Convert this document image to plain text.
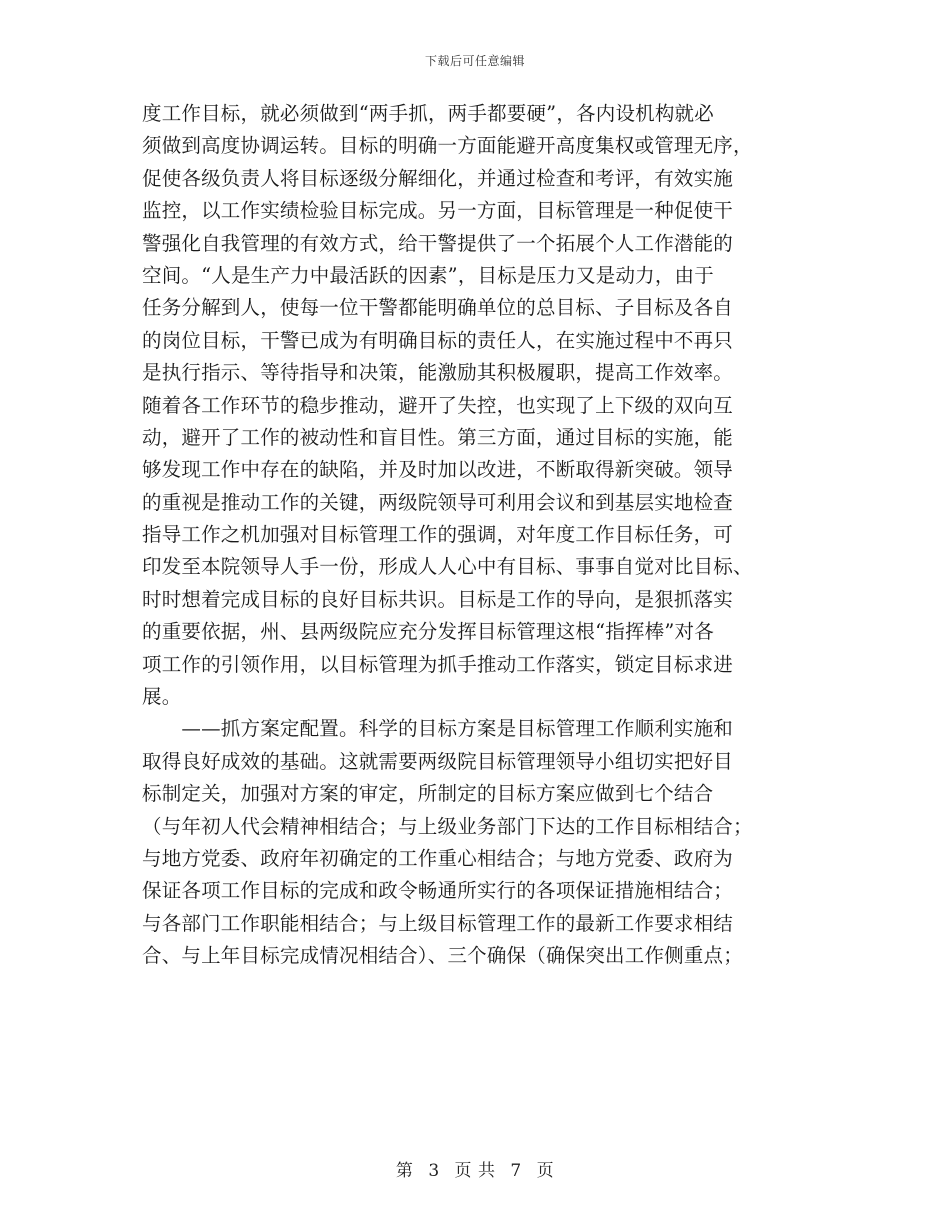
下载后可任意编辑
度工作目标，就必须做到“两手抓，两手都要硬”，各内设机构就必
须做到高度协调运转。目标的明确一方面能避开高度集权或管理无序，
促使各级负责人将目标逐级分解细化，并通过检查和考评，有效实施
监控，以工作实绩检验目标完成。另一方面，目标管理是一种促使干
警强化自我管理的有效方式，给干警提供了一个拓展个人工作潜能的
空间。“人是生产力中最活跃的因素”，目标是压力又是动力，由于
任务分解到人，使每一位干警都能明确单位的总目标、子目标及各自
的岗位目标，干警已成为有明确目标的责任人，在实施过程中不再只
是执行指示、等待指导和决策，能激励其积极履职，提高工作效率。
随着各工作环节的稳步推动，避开了失控，也实现了上下级的双向互
动，避开了工作的被动性和盲目性。第三方面，通过目标的实施，能
够发现工作中存在的缺陷，并及时加以改进，不断取得新突破。领导
的重视是推动工作的关键，两级院领导可利用会议和到基层实地检查
指导工作之机加强对目标管理工作的强调，对年度工作目标任务，可
印发至本院领导人手一份，形成人人心中有目标、事事自觉对比目标、
时时想着完成目标的良好目标共识。目标是工作的导向，是狠抓落实
的重要依据，州、县两级院应充分发挥目标管理这根“指挥棒”对各
项工作的引领作用，以目标管理为抓手推动工作落实，锁定目标求进
展。
　　——抓方案定配置。科学的目标方案是目标管理工作顺利实施和
取得良好成效的基础。这就需要两级院目标管理领导小组切实把好目
标制定关，加强对方案的审定，所制定的目标方案应做到七个结合
（与年初人代会精神相结合；与上级业务部门下达的工作目标相结合；
与地方党委、政府年初确定的工作重心相结合；与地方党委、政府为
保证各项工作目标的完成和政令畅通所实行的各项保证措施相结合；
与各部门工作职能相结合；与上级目标管理工作的最新工作要求相结
合、与上年目标完成情况相结合）、三个确保（确保突出工作侧重点；
第 3 页 共 7 页
